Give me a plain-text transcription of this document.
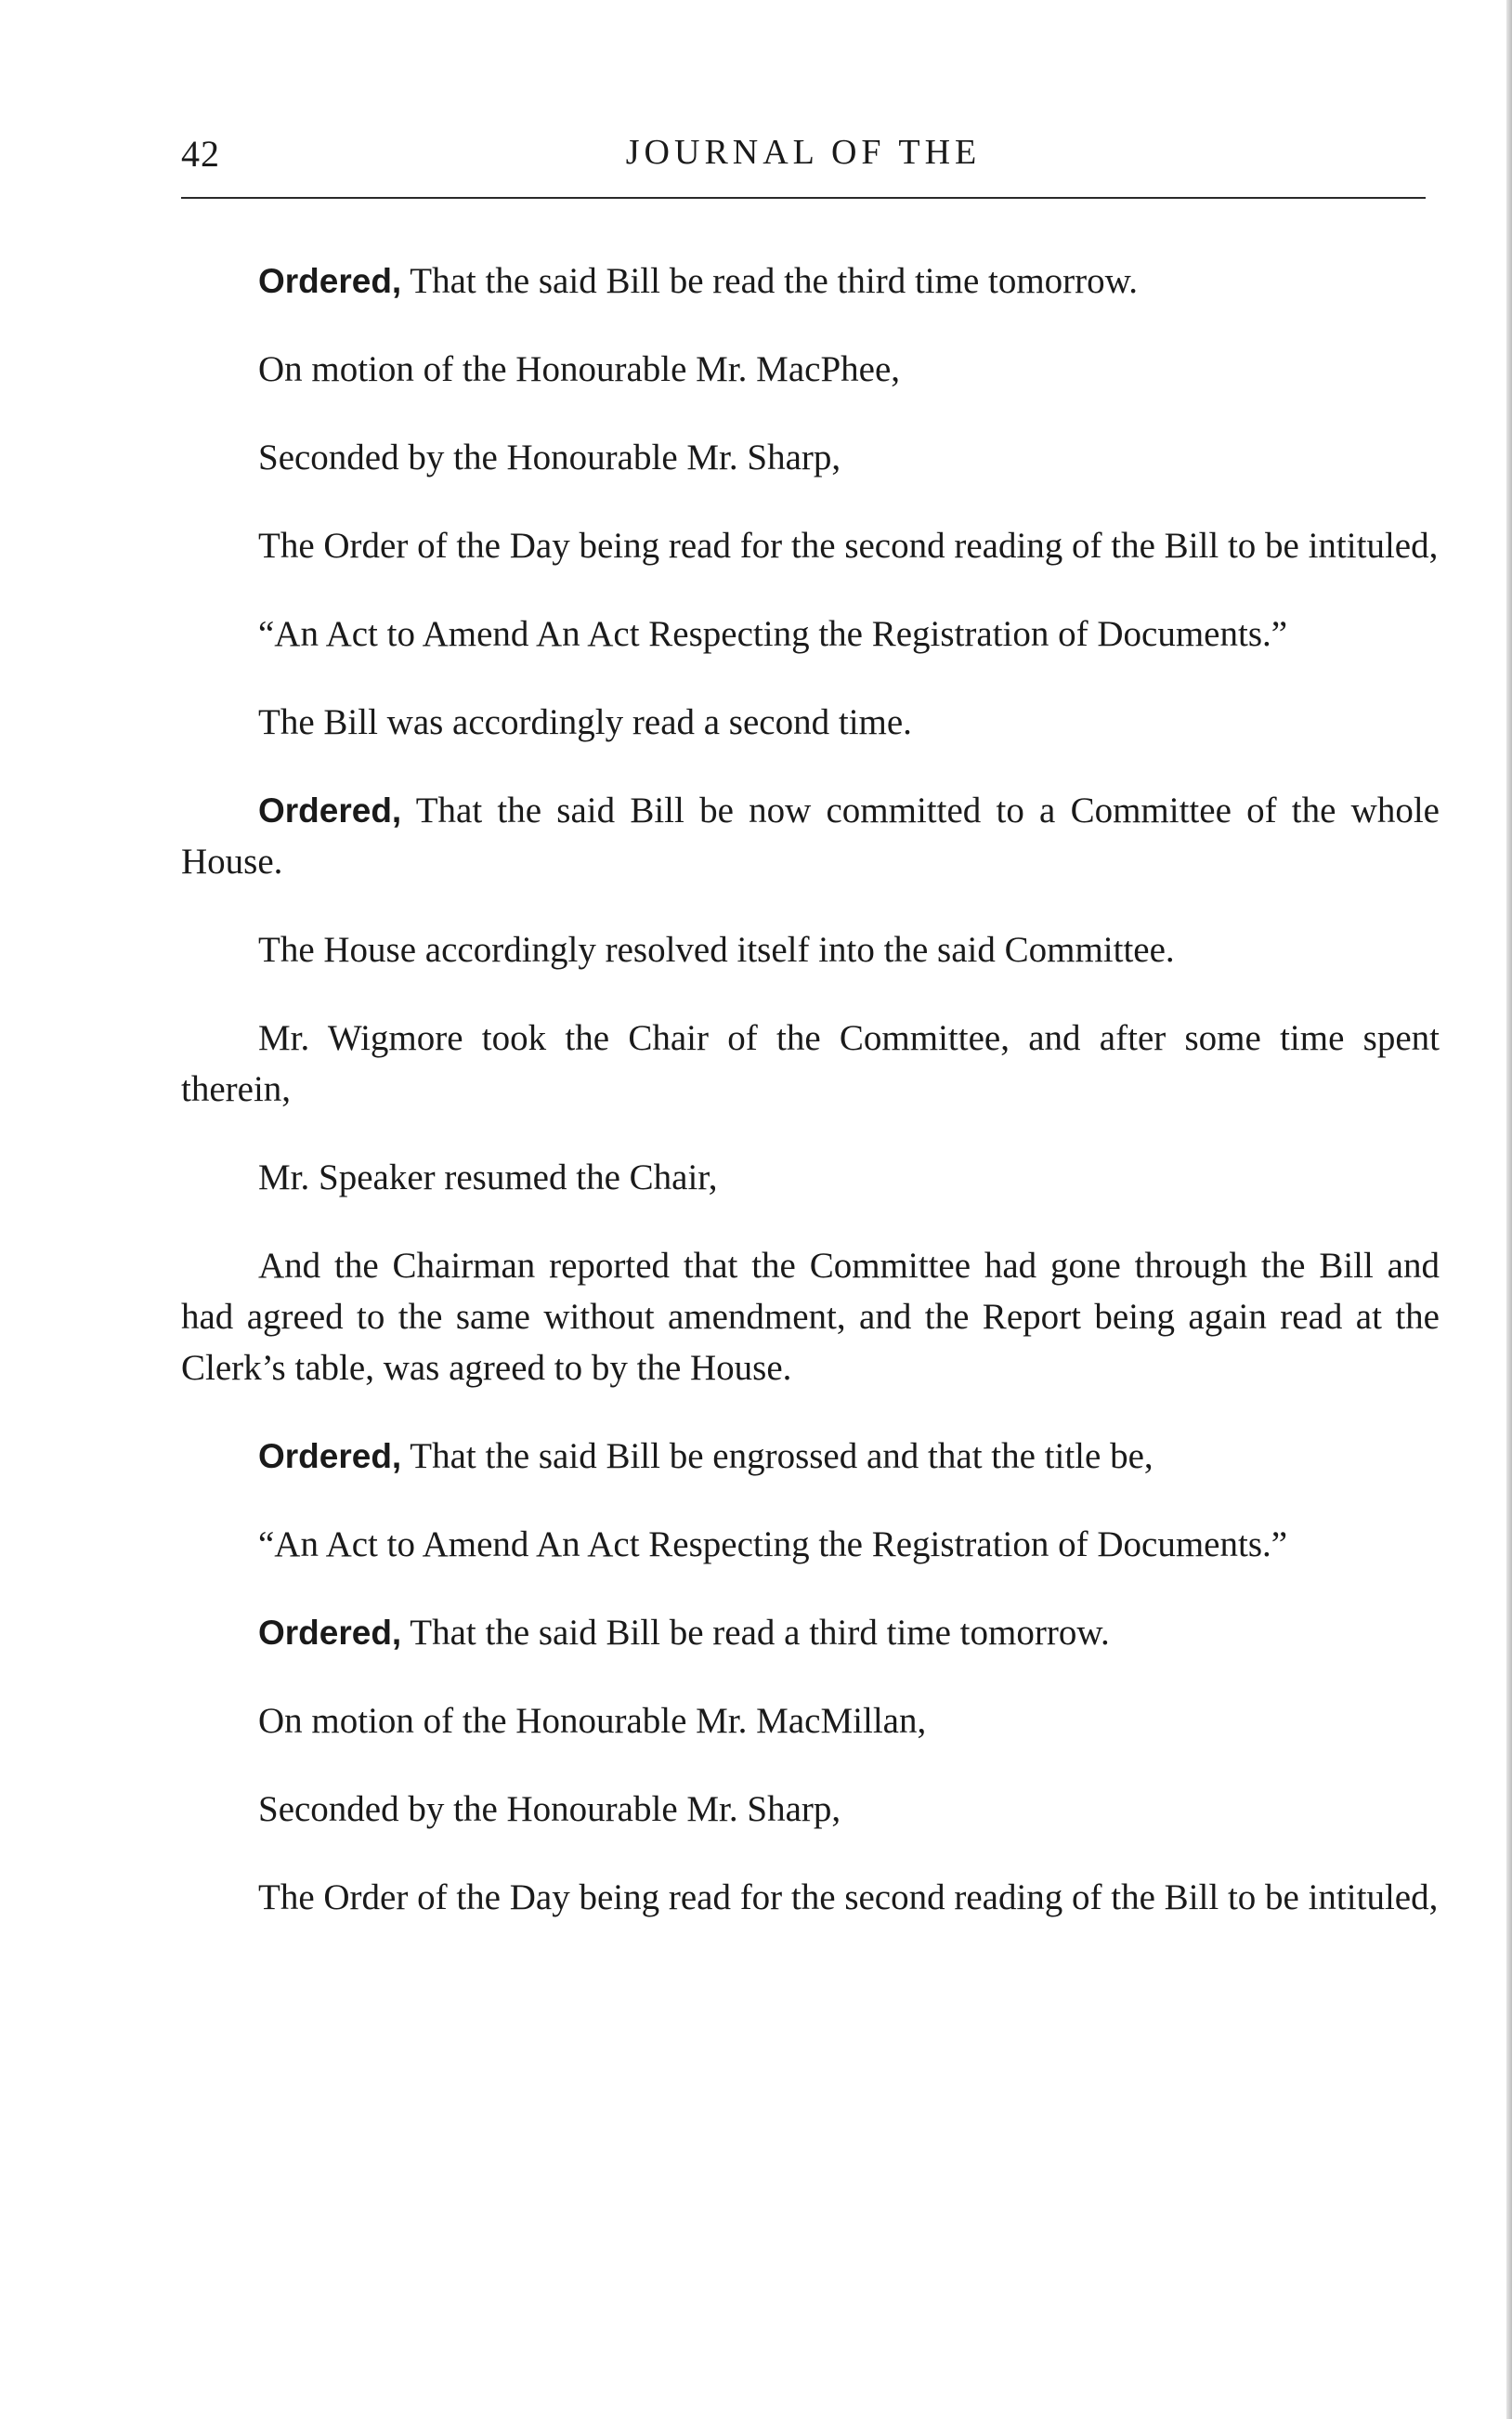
42	JOURNAL OF THE

Ordered, That the said Bill be read the third time tomorrow.

On motion of the Honourable Mr. MacPhee,

Seconded by the Honourable Mr. Sharp,

The Order of the Day being read for the second reading of the Bill to be intituled,

“An Act to Amend An Act Respecting the Registration of Documents.”

The Bill was accordingly read a second time.

Ordered, That the said Bill be now committed to a Committee of the whole House.

The House accordingly resolved itself into the said Committee.

Mr. Wigmore took the Chair of the Committee, and after some time spent therein,

Mr. Speaker resumed the Chair,

And the Chairman reported that the Committee had gone through the Bill and had agreed to the same without amendment, and the Report being again read at the Clerk’s table, was agreed to by the House.

Ordered, That the said Bill be engrossed and that the title be,

“An Act to Amend An Act Respecting the Registration of Documents.”

Ordered, That the said Bill be read a third time tomorrow.

On motion of the Honourable Mr. MacMillan,

Seconded by the Honourable Mr. Sharp,

The Order of the Day being read for the second reading of the Bill to be intituled,
